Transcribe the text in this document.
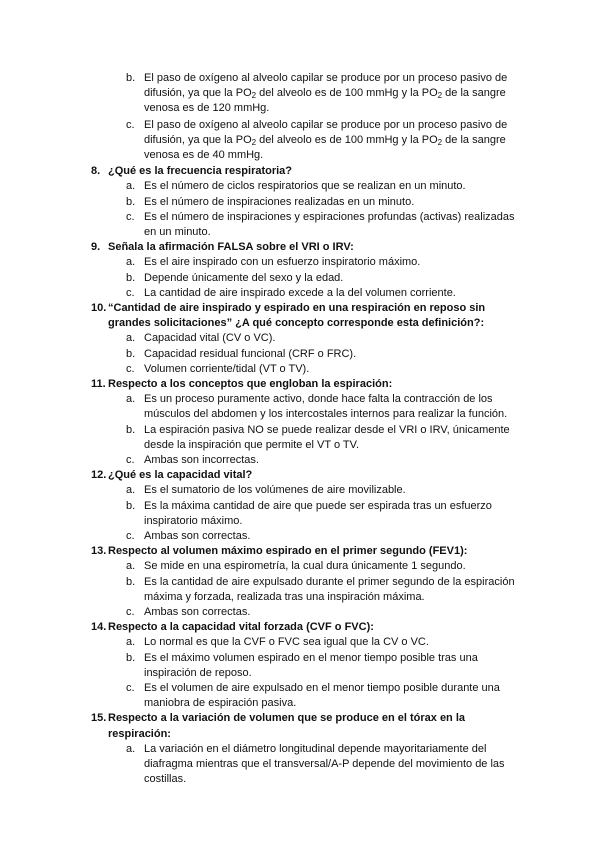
b. El paso de oxígeno al alveolo capilar se produce por un proceso pasivo de
difusión, ya que la $PO_2$ del alveolo es de 100 mmHg y la $PO_2$ de la sangre
venosa es de 120 mmHg.
c. El paso de oxígeno al alveolo capilar se produce por un proceso pasivo de
difusión, ya que la $PO_2$ del alveolo es de 100 mmHg y la $PO_2$ de la sangre
venosa es de 40 mmHg.
8. ¿Qué es la frecuencia respiratoria?
a. Es el número de ciclos respiratorios que se realizan en un minuto.
b. Es el número de inspiraciones realizadas en un minuto.
c. Es el número de inspiraciones y espiraciones profundas (activas) realizadas
en un minuto.
9. Señala la afirmación FALSA sobre el VRI o IRV:
a. Es el aire inspirado con un esfuerzo inspiratorio máximo.
b. Depende únicamente del sexo y la edad.
c. La cantidad de aire inspirado excede a la del volumen corriente.
10. “Cantidad de aire inspirado y espirado en una respiración en reposo sin
grandes solicitaciones” ¿A qué concepto corresponde esta definición?:
a. Capacidad vital (CV o VC).
b. Capacidad residual funcional (CRF o FRC).
c. Volumen corriente/tidal (VT o TV).
11. Respecto a los conceptos que engloban la espiración:
a. Es un proceso puramente activo, donde hace falta la contracción de los
músculos del abdomen y los intercostales internos para realizar la función.
b. La espiración pasiva NO se puede realizar desde el VRI o IRV, únicamente
desde la inspiración que permite el VT o TV.
c. Ambas son incorrectas.
12. ¿Qué es la capacidad vital?
a. Es el sumatorio de los volúmenes de aire movilizable.
b. Es la máxima cantidad de aire que puede ser espirada tras un esfuerzo
inspiratorio máximo.
c. Ambas son correctas.
13. Respecto al volumen máximo espirado en el primer segundo (FEV1):
a. Se mide en una espirometría, la cual dura únicamente 1 segundo.
b. Es la cantidad de aire expulsado durante el primer segundo de la espiración
máxima y forzada, realizada tras una inspiración máxima.
c. Ambas son correctas.
14. Respecto a la capacidad vital forzada (CVF o FVC):
a. Lo normal es que la CVF o FVC sea igual que la CV o VC.
b. Es el máximo volumen espirado en el menor tiempo posible tras una
inspiración de reposo.
c. Es el volumen de aire expulsado en el menor tiempo posible durante una
maniobra de espiración pasiva.
15. Respecto a la variación de volumen que se produce en el tórax en la
respiración:
a. La variación en el diámetro longitudinal depende mayoritariamente del
diafragma mientras que el transversal/A-P depende del movimiento de las
costillas.
